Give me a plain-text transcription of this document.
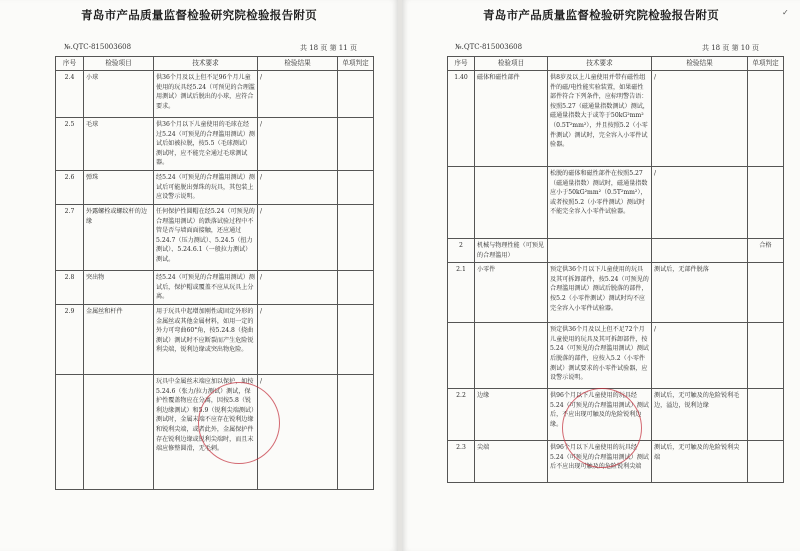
青岛市产品质量监督检验研究院检验报告附页
№.QTC-815003608	共 18 页 第 11 页
序号	检验项目	技术要求	检验结果	单项判定
2.4	小球	供36个月及以上但不足96个月儿童使用的玩具经5.24（可预见的合理滥用测试）测试后脱出的小球，应符合要求。	/	
2.5	毛球	供36个月以下儿童使用的毛球在经过5.24（可预见的合理滥用测试）测试后如被拉脱，按5.5（毛球测试）测试时，应不能完全通过毛球测试器。	/	
2.6	弹珠	经5.24（可预见的合理滥用测试）测试后可能脱出弹珠的玩具，其包装上应设警示说明。	/	
2.7	外露螺栓或螺纹杆的边缘	任何保护性圆帽在经5.24（可预见的合理滥用测试）的跌落试验过程中不管是否与墙面面接触，还应通过5.24.7（压力测试）、5.24.5（扭力测试）、5.24.6.1（一般拉力测试）测试。	/	
2.8	突出物	经5.24（可预见的合理滥用测试）测试后，保护帽或覆盖不应从玩具上分离。	/	
2.9	金属丝和杆件	用于玩具中起增加刚性或固定外形的金属丝或其他金属材料，如用一定的外力可弯曲60°角，按5.24.8（挠曲测试）测试时不应断裂而产生危险锐利尖端，锐利边缘或突出物危险。	/	
		玩具中金属丝末端应加以保护，如按5.24.6（张力/拉力测试）测试，保护性覆盖物应在分离，因按5.8（锐利边缘测试）和5.9（锐利尖端测试）测试时，金属末端不应存在锐利边缘和锐利尖端，或者此外，金属保护件存在锐利边缘或锐利尖端时，而且末端应修整圆滑，无毛刺。	/	
青岛市产品质量监督检验研究院检验报告附页
№.QTC-815003608	共 18 页 第 10 页
序号	检验项目	技术要求	检验结果	单项判定
1.40	磁体和磁性部件	供8岁及以上儿童使用并带有磁性组件的磁/电性能实验装置，如果磁性部件符合下列条件，应标明警告语：按照5.27（磁通量指数测试）测试，磁通量指数大于或等于50kG²mm²（0.5T²mm²），并且按照5.2（小零件测试）测试时，完全容入小零件试验器。	/	
		松脱的磁体和磁性部件在按照5.27（磁通量指数）测试时，磁通量指数应小于50kG²mm²（0.5T²mm²），或者按照5.2（小零件测试）测试时不能完全容入小零件试验器。	/	
2	机械与物理性能（可预见的合理滥用）			合格
2.1	小零件	预定供36个月以下儿童使用的玩具及其可拆卸部件，按5.24（可预见的合理滥用测试）测试后脱落的部件，按5.2（小零件测试）测试时均不应完全容入小零件试验器。	测试后，无部件脱落	
		预定供36个月及以上但不足72个月儿童使用的玩具及其可拆卸部件，按5.24（可预见的合理滥用测试）测试后脱落的部件，应按入5.2（小零件测试）测试要求的小零件试验器，应设警示说明。	/	
2.2	边缘	供96个月以下儿童使用的玩具经5.24（可预见的合理滥用测试）测试后，不应出现可触及的危险锐利边缘。	测试后，无可触及的危险锐利毛边，溢边，锐利边缘	
2.3	尖端	供96个月以下儿童使用的玩具经5.24（可预见的合理滥用测试）测试后不应出现可触及的危险锐利尖端	测试后，无可触及的危险锐利尖端	
✓
